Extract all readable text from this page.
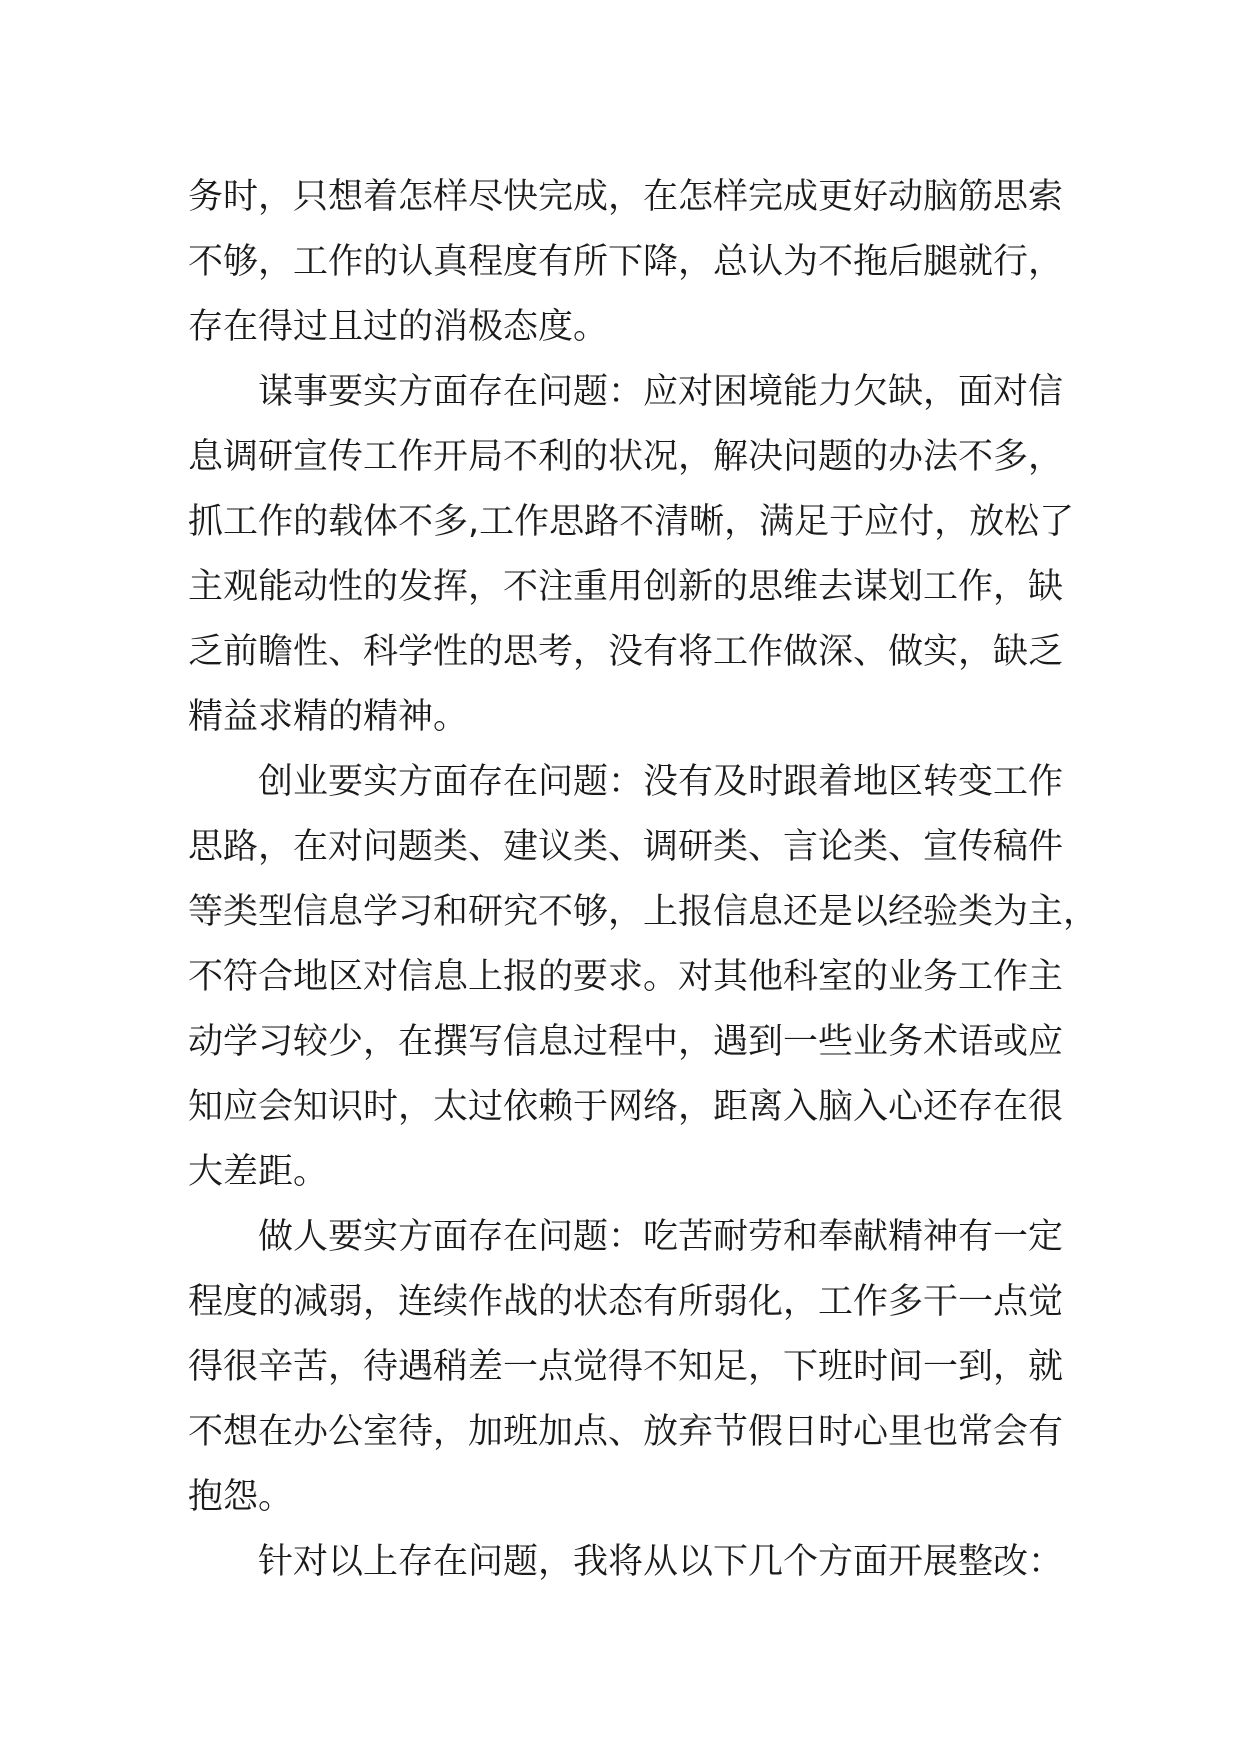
务时，只想着怎样尽快完成，在怎样完成更好动脑筋思索
不够，工作的认真程度有所下降，总认为不拖后腿就行，
存在得过且过的消极态度。
谋事要实方面存在问题：应对困境能力欠缺，面对信
息调研宣传工作开局不利的状况，解决问题的办法不多，
抓工作的载体不多,工作思路不清晰，满足于应付，放松了
主观能动性的发挥，不注重用创新的思维去谋划工作，缺
乏前瞻性、科学性的思考，没有将工作做深、做实，缺乏
精益求精的精神。
创业要实方面存在问题：没有及时跟着地区转变工作
思路，在对问题类、建议类、调研类、言论类、宣传稿件
等类型信息学习和研究不够，上报信息还是以经验类为主，
不符合地区对信息上报的要求。对其他科室的业务工作主
动学习较少，在撰写信息过程中，遇到一些业务术语或应
知应会知识时，太过依赖于网络，距离入脑入心还存在很
大差距。
做人要实方面存在问题：吃苦耐劳和奉献精神有一定
程度的减弱，连续作战的状态有所弱化，工作多干一点觉
得很辛苦，待遇稍差一点觉得不知足，下班时间一到，就
不想在办公室待，加班加点、放弃节假日时心里也常会有
抱怨。
针对以上存在问题，我将从以下几个方面开展整改：
